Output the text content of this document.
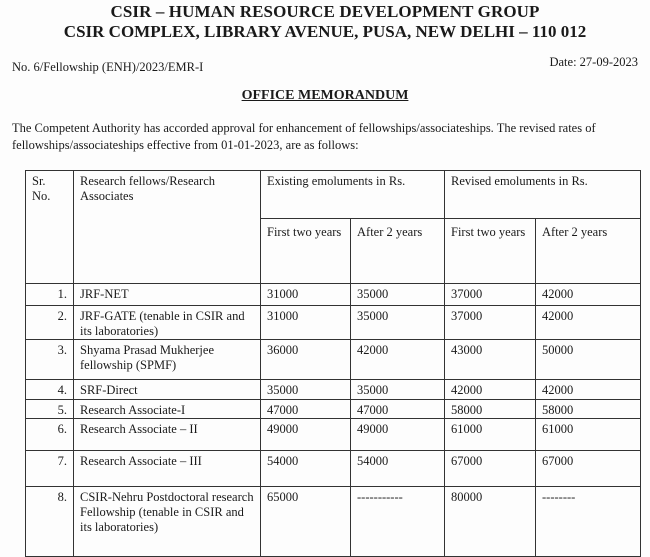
CSIR – HUMAN RESOURCE DEVELOPMENT GROUP
CSIR COMPLEX, LIBRARY AVENUE, PUSA, NEW DELHI – 110 012
No. 6/Fellowship (ENH)/2023/EMR-I	Date: 27-09-2023
OFFICE MEMORANDUM
The Competent Authority has accorded approval for enhancement of fellowships/associateships. The revised rates of
fellowships/associateships effective from 01-01-2023, are as follows:
Sr. No.	Research fellows/Research Associates	Existing emoluments in Rs.		Revised emoluments in Rs.	
		First two years	After 2 years	First two years	After 2 years
1.	JRF-NET	31000	35000	37000	42000
2.	JRF-GATE (tenable in CSIR and its laboratories)	31000	35000	37000	42000
3.	Shyama Prasad Mukherjee fellowship (SPMF)	36000	42000	43000	50000
4.	SRF-Direct	35000	35000	42000	42000
5.	Research Associate-I	47000	47000	58000	58000
6.	Research Associate – II	49000	49000	61000	61000
7.	Research Associate – III	54000	54000	67000	67000
8.	CSIR-Nehru Postdoctoral research Fellowship (tenable in CSIR and its laboratories)	65000	-----------	80000	--------
